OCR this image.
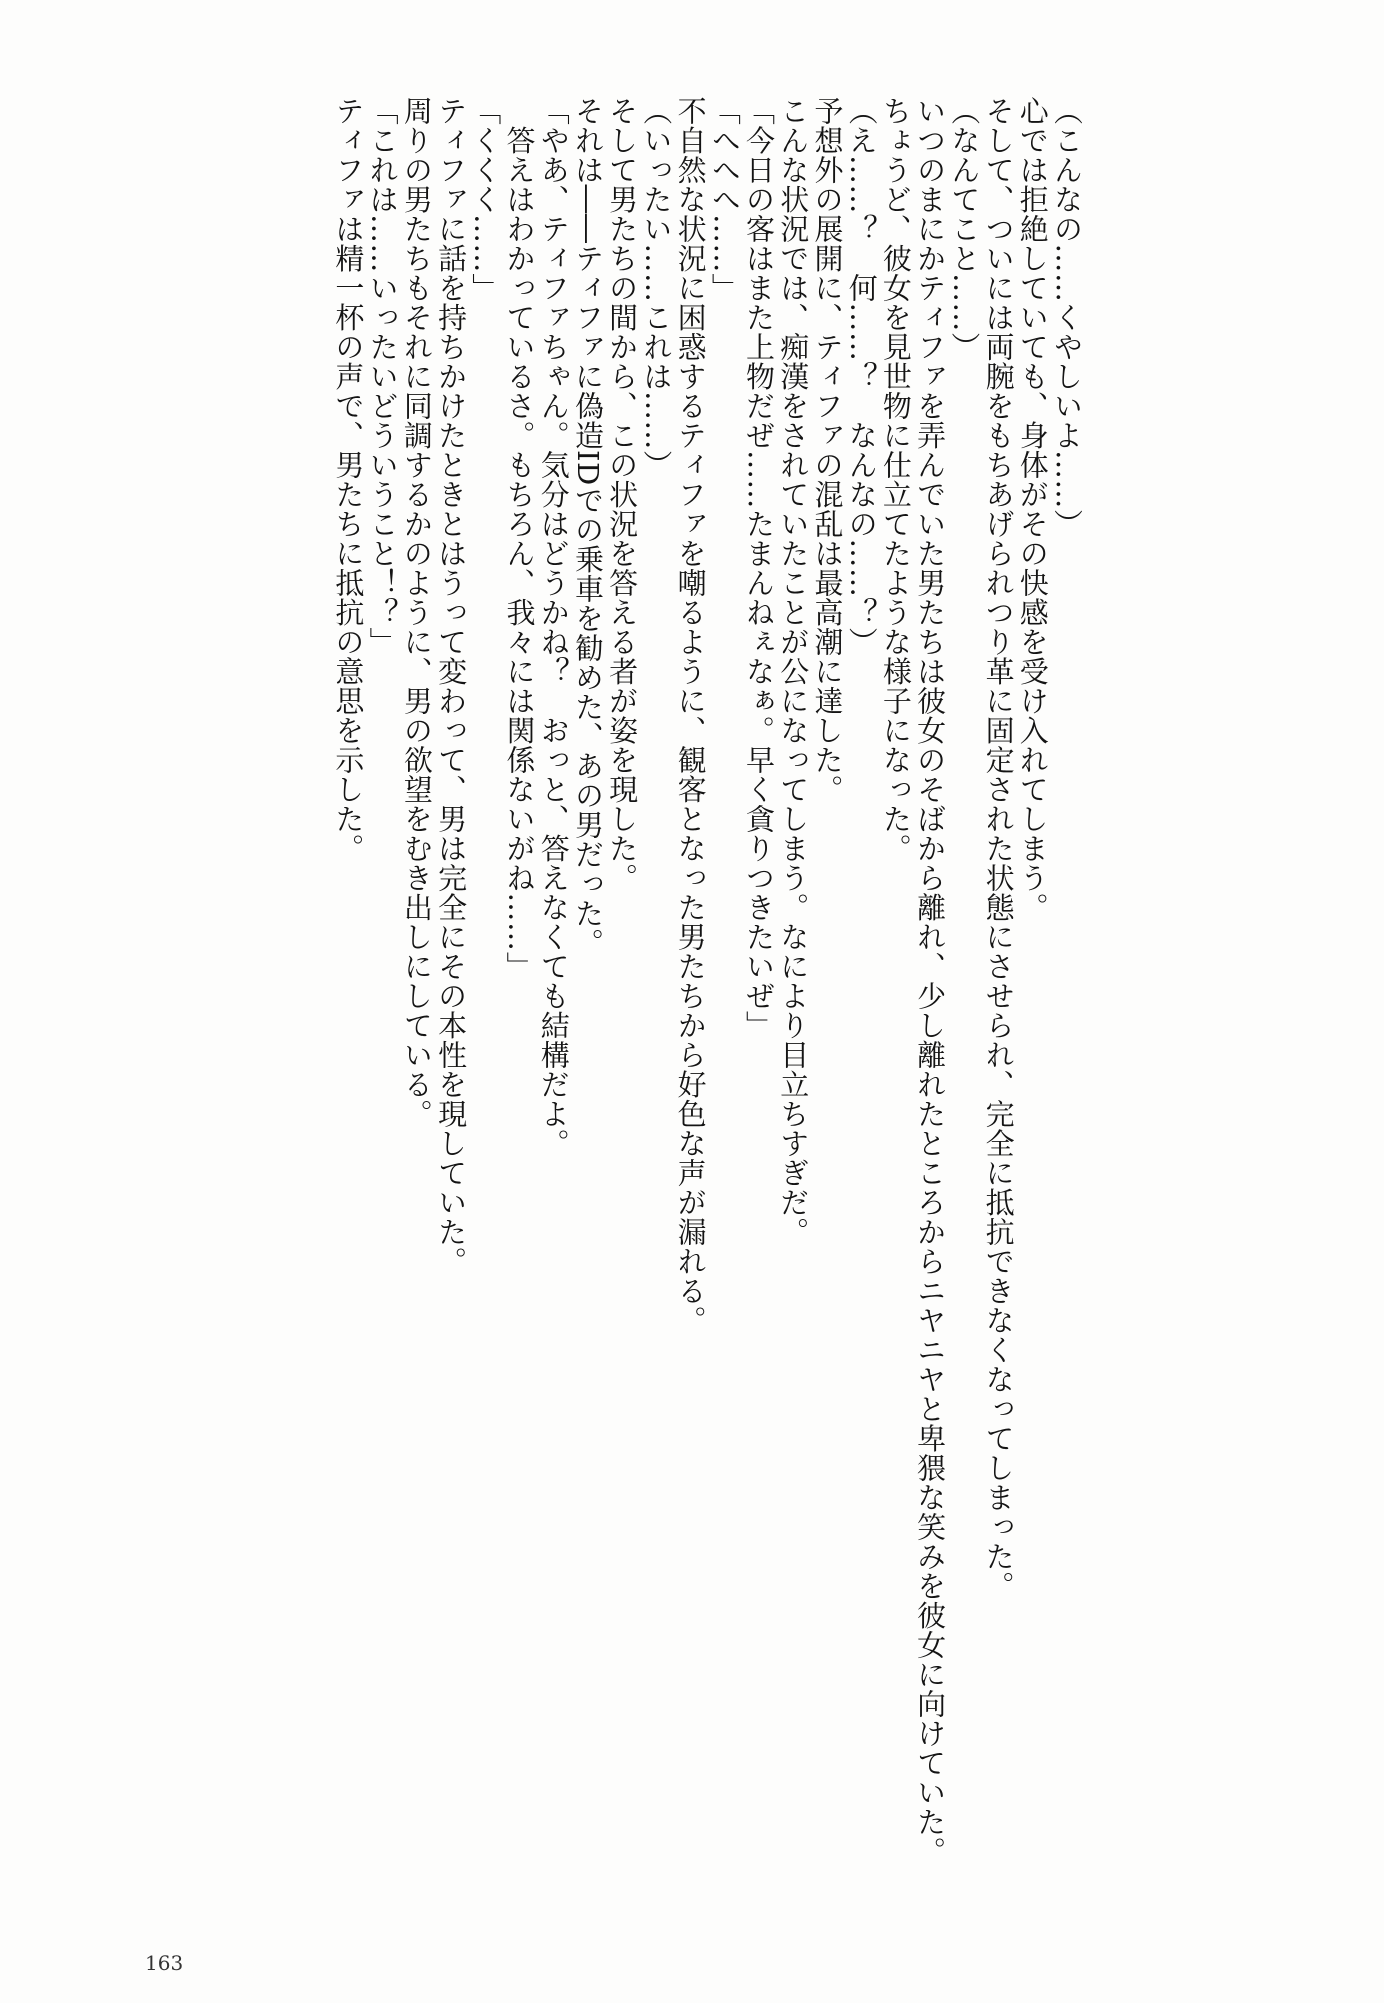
（こんなの……くやしいよ……）
心では拒絶していても、身体がその快感を受け入れてしまう。
そして、ついには両腕をもちあげられつり革に固定された状態にさせられ、完全に抵抗できなくなってしまった。
（なんてこと……）
いつのまにかティファを弄んでいた男たちは彼女のそばから離れ、少し離れたところからニヤニヤと卑猥な笑みを彼女に向けていた。
ちょうど、彼女を見世物に仕立てたような様子になった。
（え……？　何……？　なんなの……？）
予想外の展開に、ティファの混乱は最高潮に達した。
こんな状況では、痴漢をされていたことが公になってしまう。なにより目立ちすぎだ。
「今日の客はまた上物だぜ……たまんねぇなぁ。早く貪りつきたいぜ」
「へへへ……」
不自然な状況に困惑するティファを嘲るように、観客となった男たちから好色な声が漏れる。
（いったい……これは……）
そして男たちの間から、この状況を答える者が姿を現した。
それは――ティファに偽造IDでの乗車を勧めた、あの男だった。
「やあ、ティファちゃん。気分はどうかね？　おっと、答えなくても結構だよ。
　答えはわかっているさ。もちろん、我々には関係ないがね……」
「くくく……」
ティファに話を持ちかけたときとはうって変わって、男は完全にその本性を現していた。
周りの男たちもそれに同調するかのように、男の欲望をむき出しにしている。
「これは……いったいどういうこと！？」
ティファは精一杯の声で、男たちに抵抗の意思を示した。
163
